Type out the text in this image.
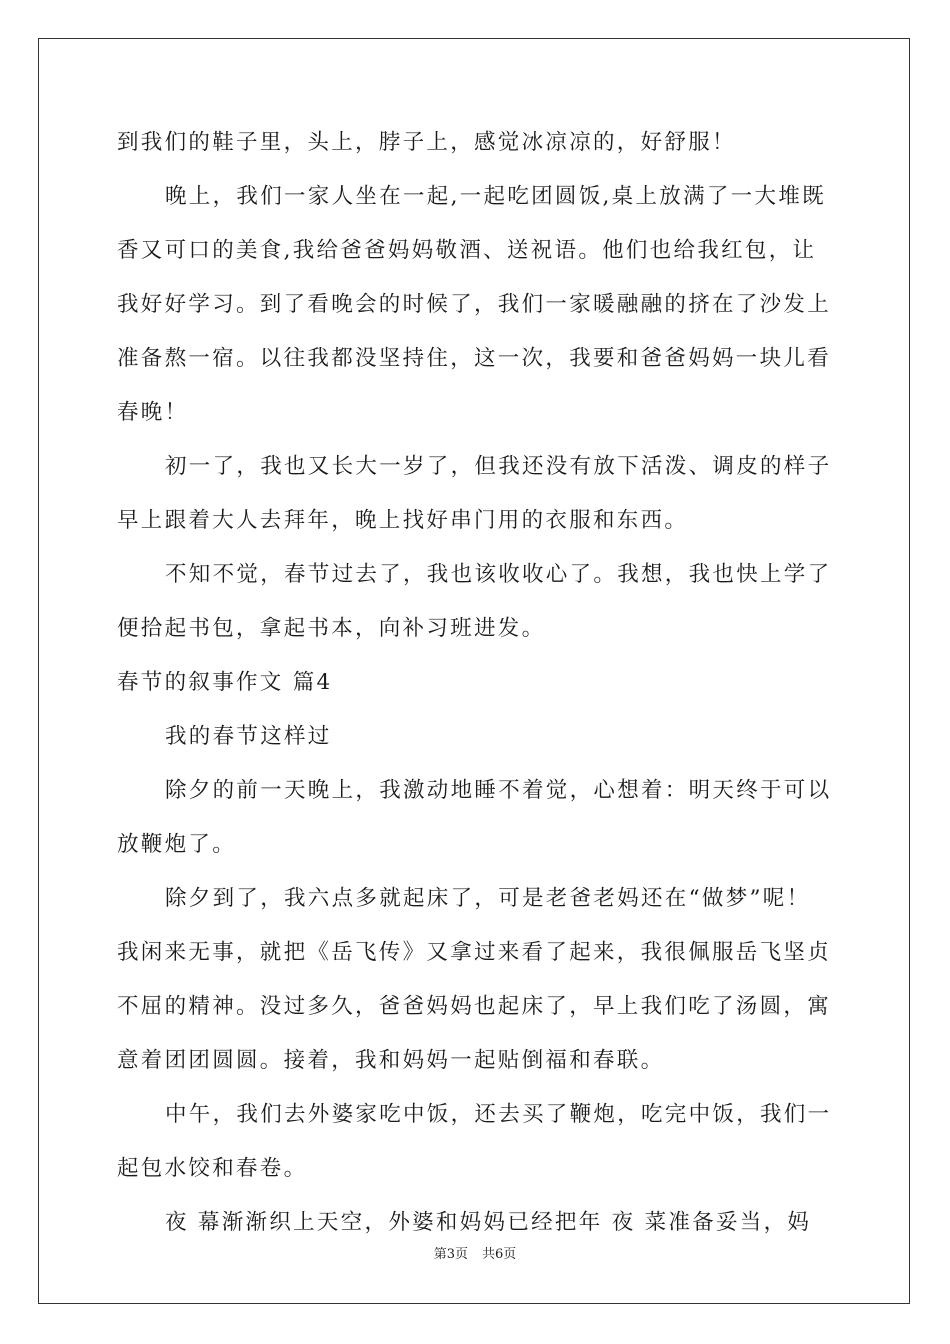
到我们的鞋子里，头上，脖子上，感觉冰凉凉的，好舒服！
晚上，我们一家人坐在一起,一起吃团圆饭,桌上放满了一大堆既
香又可口的美食,我给爸爸妈妈敬酒、送祝语。他们也给我红包，让
我好好学习。到了看晚会的时候了，我们一家暖融融的挤在了沙发上
准备熬一宿。以往我都没坚持住，这一次，我要和爸爸妈妈一块儿看
春晚！
初一了，我也又长大一岁了，但我还没有放下活泼、调皮的样子
早上跟着大人去拜年，晚上找好串门用的衣服和东西。
不知不觉，春节过去了，我也该收收心了。我想，我也快上学了
便拾起书包，拿起书本，向补习班进发。
春节的叙事作文 篇4
我的春节这样过
除夕的前一天晚上，我激动地睡不着觉，心想着：明天终于可以
放鞭炮了。
除夕到了，我六点多就起床了，可是老爸老妈还在“做梦”呢！
我闲来无事，就把《岳飞传》又拿过来看了起来，我很佩服岳飞坚贞
不屈的精神。没过多久，爸爸妈妈也起床了，早上我们吃了汤圆，寓
意着团团圆圆。接着，我和妈妈一起贴倒福和春联。
中午，我们去外婆家吃中饭，还去买了鞭炮，吃完中饭，我们一
起包水饺和春卷。
夜 幕渐渐织上天空，外婆和妈妈已经把年 夜 菜准备妥当，妈
第3页 共6页
